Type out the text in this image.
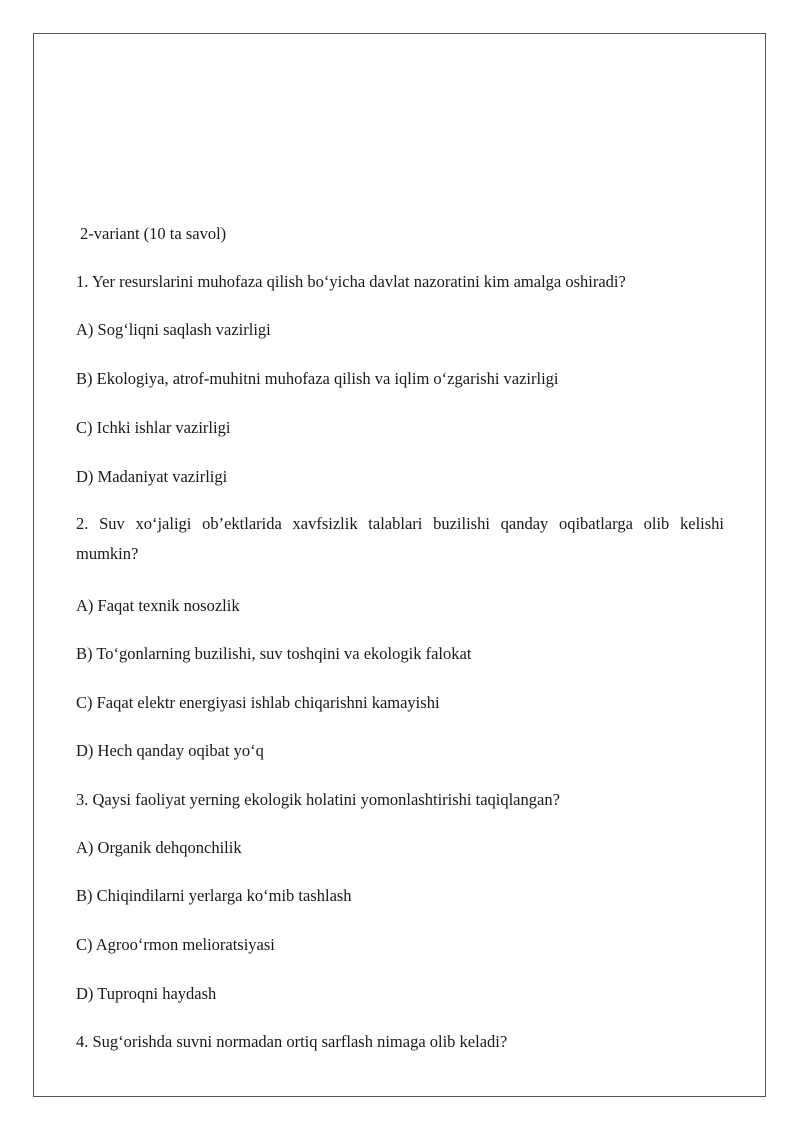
2-variant (10 ta savol)
1. Yer resurslarini muhofaza qilish bo‘yicha davlat nazoratini kim amalga oshiradi?
A) Sog‘liqni saqlash vazirligi
B) Ekologiya, atrof-muhitni muhofaza qilish va iqlim o‘zgarishi vazirligi
C) Ichki ishlar vazirligi
D) Madaniyat vazirligi
2. Suv xo‘jaligi ob’ektlarida xavfsizlik talablari buzilishi qanday oqibatlarga olib kelishi mumkin?
A) Faqat texnik nosozlik
B) To‘gonlarning buzilishi, suv toshqini va ekologik falokat
C) Faqat elektr energiyasi ishlab chiqarishni kamayishi
D) Hech qanday oqibat yo‘q
3. Qaysi faoliyat yerning ekologik holatini yomonlashtirishi taqiqlangan?
A) Organik dehqonchilik
B) Chiqindilarni yerlarga ko‘mib tashlash
C) Agroo‘rmon melioratsiyasi
D) Tuproqni haydash
4. Sug‘orishda suvni normadan ortiq sarflash nimaga olib keladi?
